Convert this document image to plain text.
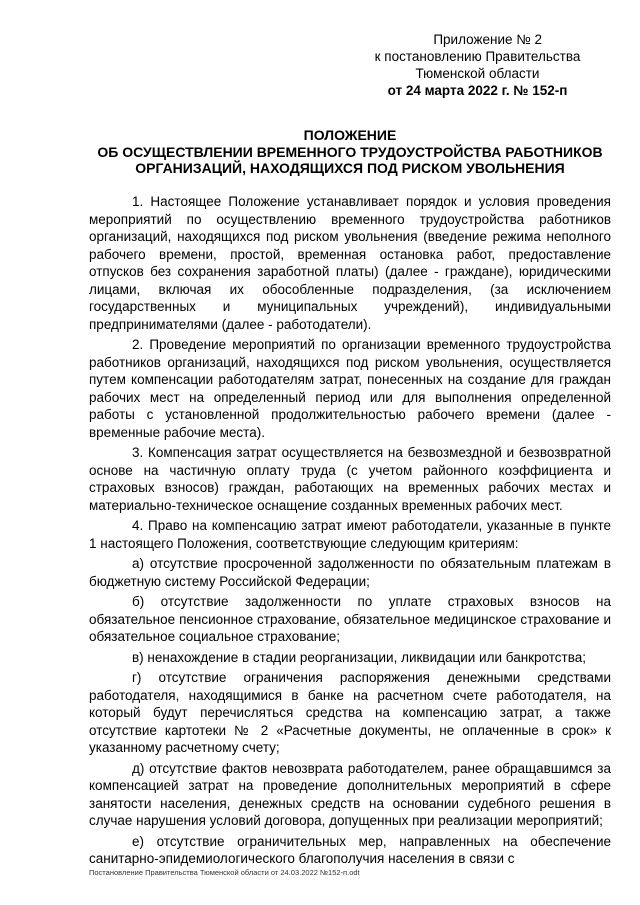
Приложение № 2
к постановлению Правительства
Тюменской области
от 24 марта 2022 г. № 152-п
ПОЛОЖЕНИЕ
ОБ ОСУЩЕСТВЛЕНИИ ВРЕМЕННОГО ТРУДОУСТРОЙСТВА РАБОТНИКОВ
ОРГАНИЗАЦИЙ, НАХОДЯЩИХСЯ ПОД РИСКОМ УВОЛЬНЕНИЯ

1. Настоящее Положение устанавливает порядок и условия проведения мероприятий по осуществлению временного трудоустройства работников организаций, находящихся под риском увольнения (введение режима неполного рабочего времени, простой, временная остановка работ, предоставление отпусков без сохранения заработной платы) (далее - граждане), юридическими лицами, включая их обособленные подразделения, (за исключением государственных и муниципальных учреждений), индивидуальными предпринимателями (далее - работодатели).

2. Проведение мероприятий по организации временного трудоустройства работников организаций, находящихся под риском увольнения, осуществляется путем компенсации работодателям затрат, понесенных на создание для граждан рабочих мест на определенный период или для выполнения определенной работы с установленной продолжительностью рабочего времени (далее - временные рабочие места).

3. Компенсация затрат осуществляется на безвозмездной и безвозвратной основе на частичную оплату труда (с учетом районного коэффициента и страховых взносов) граждан, работающих на временных рабочих местах и материально-техническое оснащение созданных временных рабочих мест.

4. Право на компенсацию затрат имеют работодатели, указанные в пункте 1 настоящего Положения, соответствующие следующим критериям:

а) отсутствие просроченной задолженности по обязательным платежам в бюджетную систему Российской Федерации;

б) отсутствие задолженности по уплате страховых взносов на обязательное пенсионное страхование, обязательное медицинское страхование и обязательное социальное страхование;

в) ненахождение в стадии реорганизации, ликвидации или банкротства;

г) отсутствие ограничения распоряжения денежными средствами работодателя, находящимися в банке на расчетном счете работодателя, на который будут перечисляться средства на компенсацию затрат, а также отсутствие картотеки № 2 «Расчетные документы, не оплаченные в срок» к указанному расчетному счету;

д) отсутствие фактов невозврата работодателем, ранее обращавшимся за компенсацией затрат на проведение дополнительных мероприятий в сфере занятости населения, денежных средств на основании судебного решения в случае нарушения условий договора, допущенных при реализации мероприятий;

е) отсутствие ограничительных мер, направленных на обеспечение санитарно-эпидемиологического благополучия населения в связи с

Постановление Правительства Тюменской области от 24.03.2022 №152-п.odt
